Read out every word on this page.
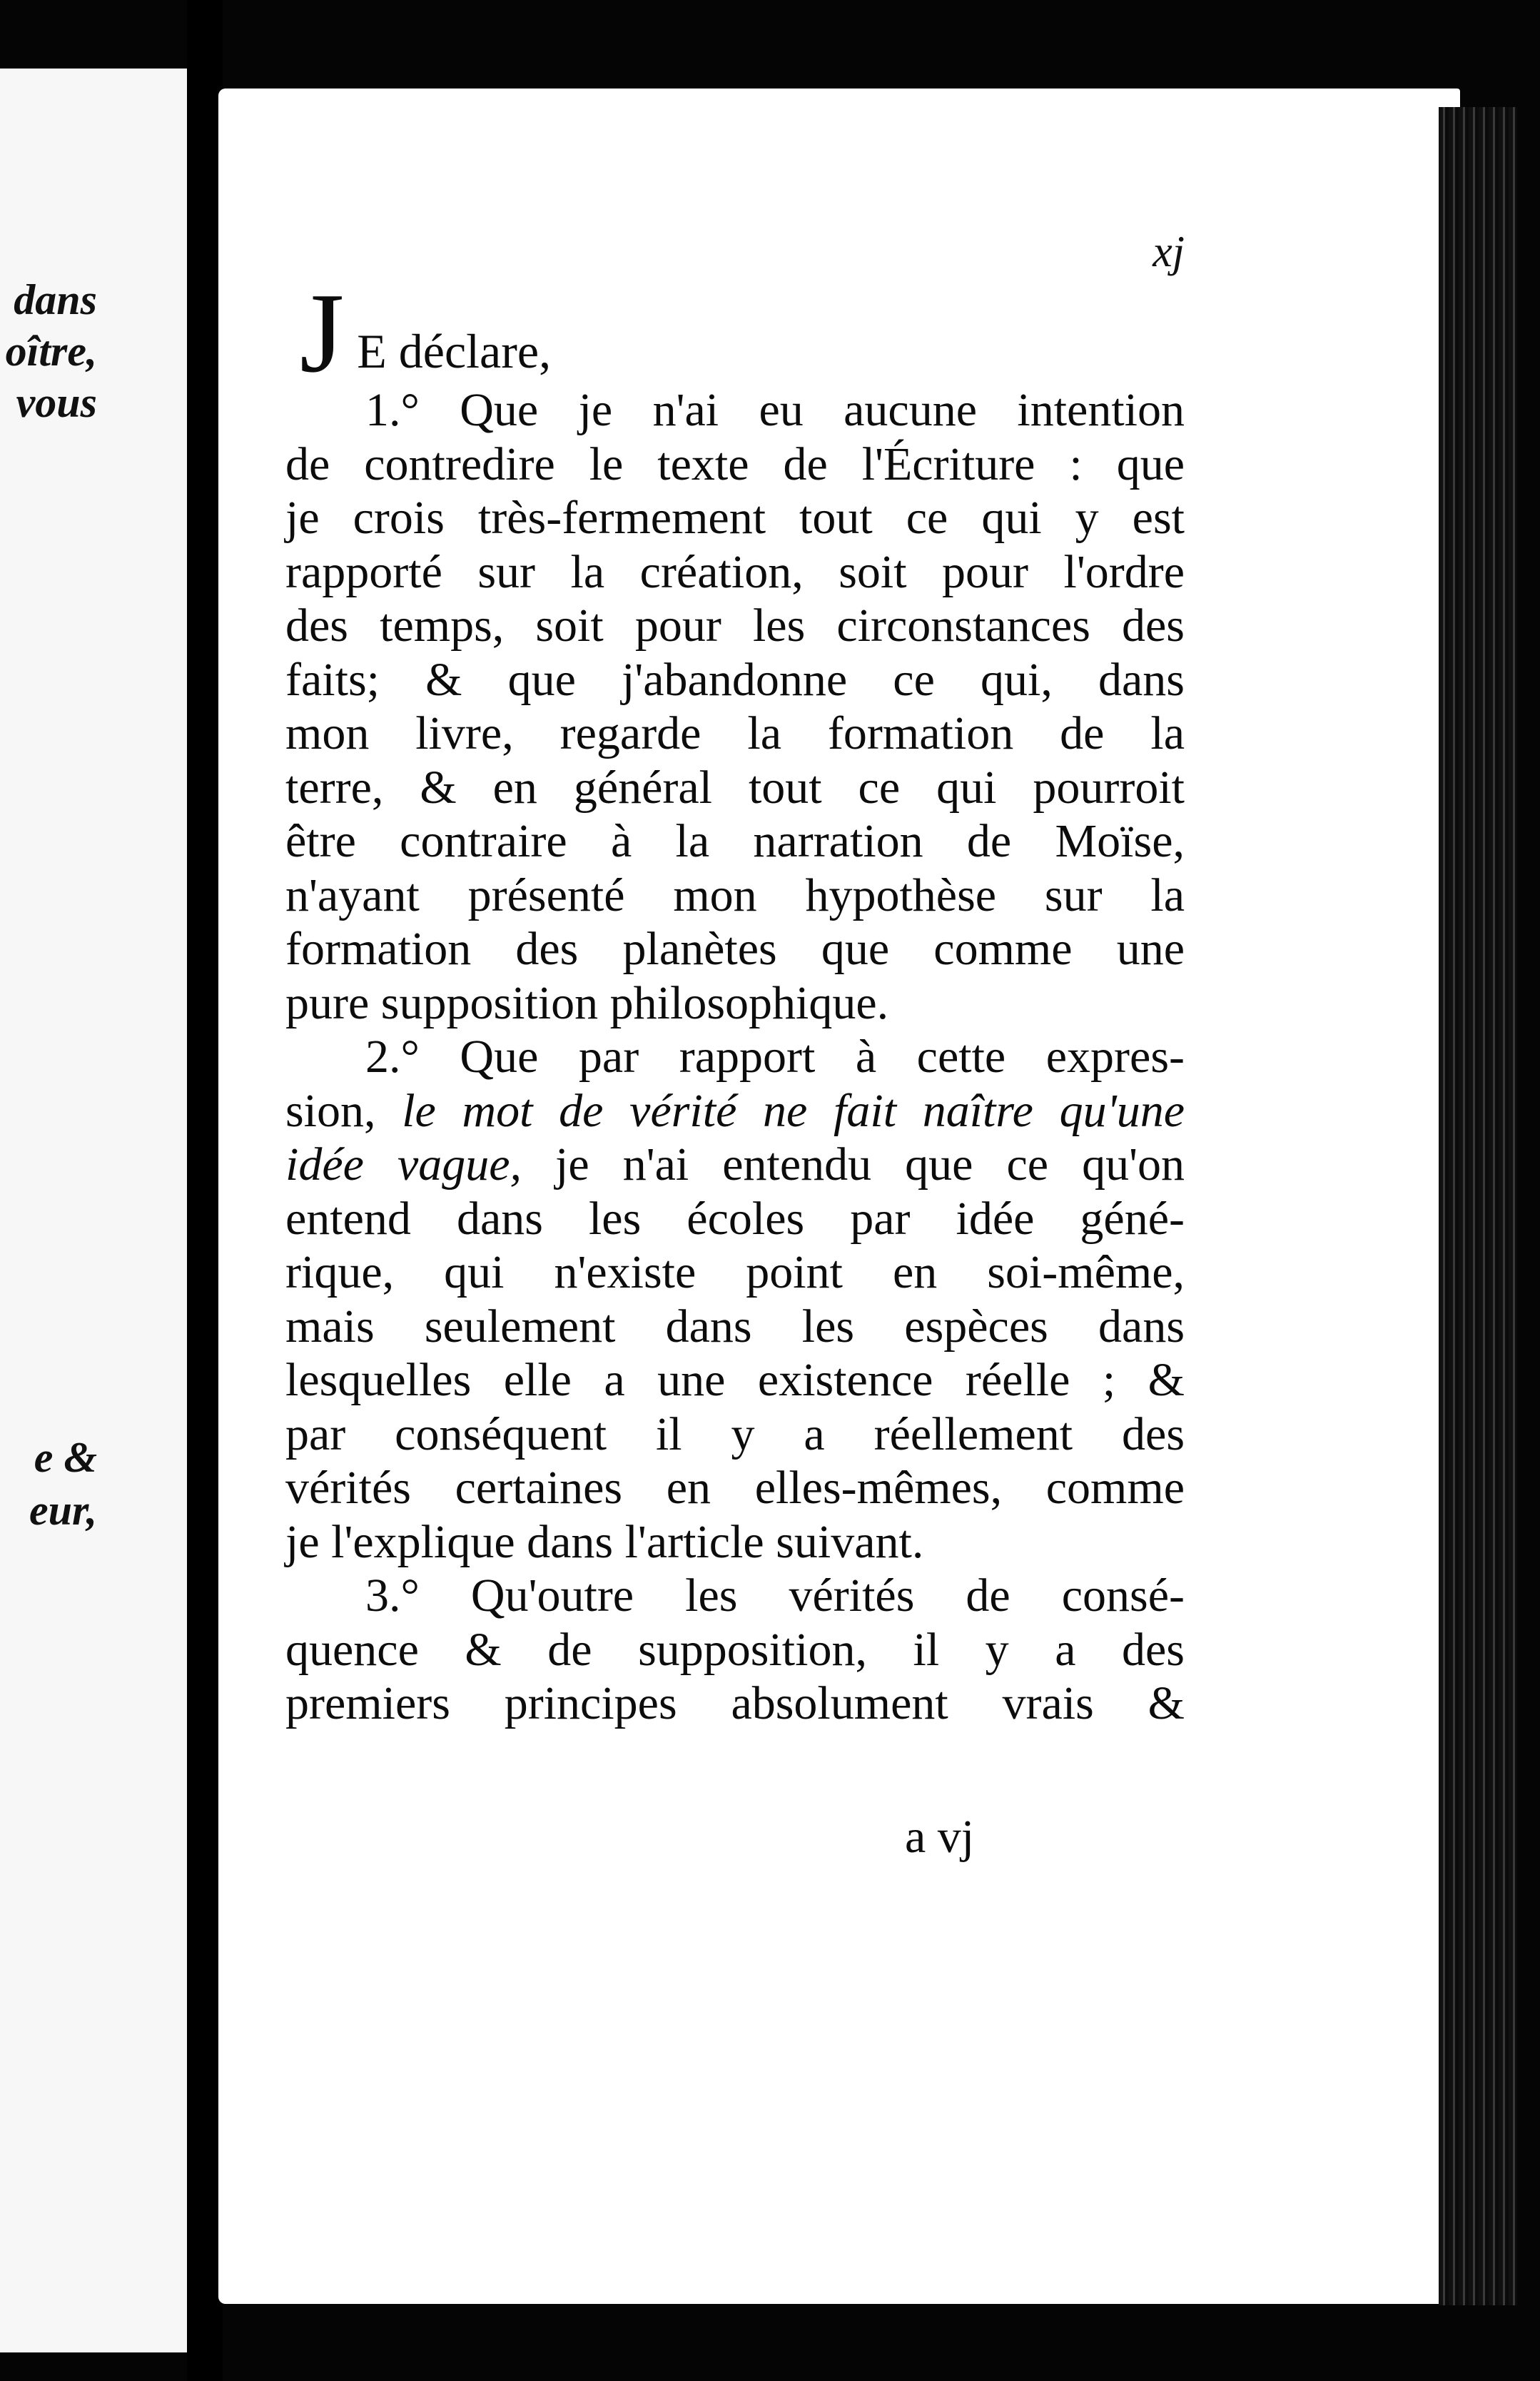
dans
oître,
vous
e &
eur,
xj
J E déclare,
1.° Que je n'ai eu aucune intention
de contredire le texte de l'Écriture : que
je crois très-fermement tout ce qui y est
rapporté sur la création, soit pour l'ordre
des temps, soit pour les circonstances des
faits; & que j'abandonne ce qui, dans
mon livre, regarde la formation de la
terre, & en général tout ce qui pourroit
être contraire à la narration de Moïse,
n'ayant présenté mon hypothèse sur la
formation des planètes que comme une
pure supposition philosophique.
2.° Que par rapport à cette expres-
sion, le mot de vérité ne fait naître qu'une
idée vague, je n'ai entendu que ce qu'on
entend dans les écoles par idée géné-
rique, qui n'existe point en soi-même,
mais seulement dans les espèces dans
lesquelles elle a une existence réelle ; &
par conséquent il y a réellement des
vérités certaines en elles-mêmes, comme
je l'explique dans l'article suivant.
3.° Qu'outre les vérités de consé-
quence & de supposition, il y a des
premiers principes absolument vrais &
a vj
